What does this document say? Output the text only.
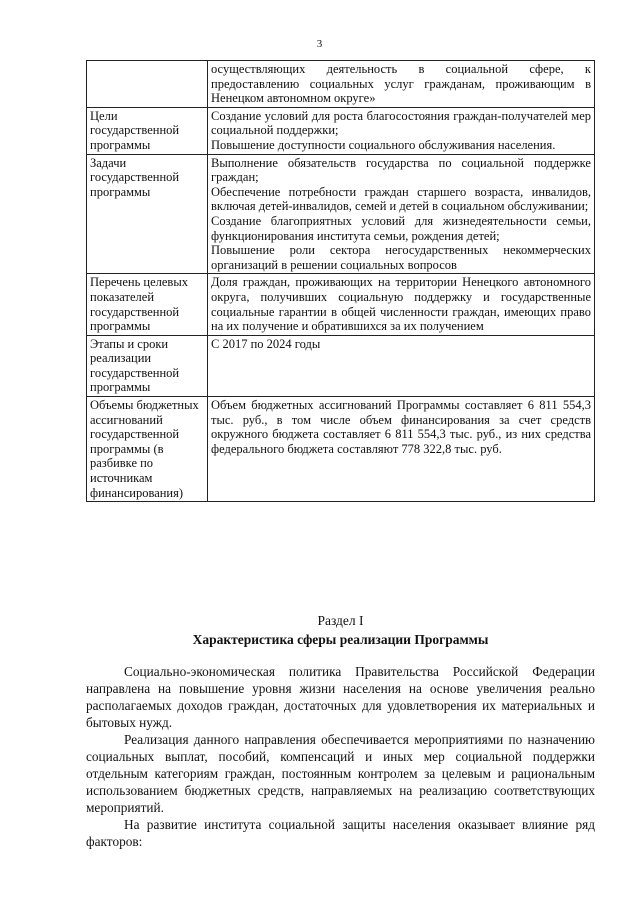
3

	осуществляющих деятельность в социальной сфере, к предоставлению социальных услуг гражданам, проживающим в Ненецком автономном округе»

Цели государственной программы	Создание условий для роста благосостояния граждан-получателей мер социальной поддержки;
Повышение доступности социального обслуживания населения.

Задачи государственной программы	Выполнение обязательств государства по социальной поддержке граждан;
Обеспечение потребности граждан старшего возраста, инвалидов, включая детей-инвалидов, семей и детей в социальном обслуживании;
Создание благоприятных условий для жизнедеятельности семьи, функционирования института семьи, рождения детей;
Повышение роли сектора негосударственных некоммерческих организаций в решении социальных вопросов

Перечень целевых показателей государственной программы	Доля граждан, проживающих на территории Ненецкого автономного округа, получивших социальную поддержку и государственные социальные гарантии в общей численности граждан, имеющих право на их получение и обратившихся за их получением

Этапы и сроки реализации государственной программы	С 2017 по 2024 годы

Объемы бюджетных ассигнований государственной программы (в разбивке по источникам финансирования)	Объем бюджетных ассигнований Программы составляет 6 811 554,3 тыс. руб., в том числе объем финансирования за счет средств окружного бюджета составляет 6 811 554,3 тыс. руб., из них средства федерального бюджета составляют 778 322,8 тыс. руб.
Раздел I
Характеристика сферы реализации Программы

Социально-экономическая политика Правительства Российской Федерации направлена на повышение уровня жизни населения на основе увеличения реально располагаемых доходов граждан, достаточных для удовлетворения их материальных и бытовых нужд.

Реализация данного направления обеспечивается мероприятиями по назначению социальных выплат, пособий, компенсаций и иных мер социальной поддержки отдельным категориям граждан, постоянным контролем за целевым и рациональным использованием бюджетных средств, направляемых на реализацию соответствующих мероприятий.

На развитие института социальной защиты населения оказывает влияние ряд факторов:
